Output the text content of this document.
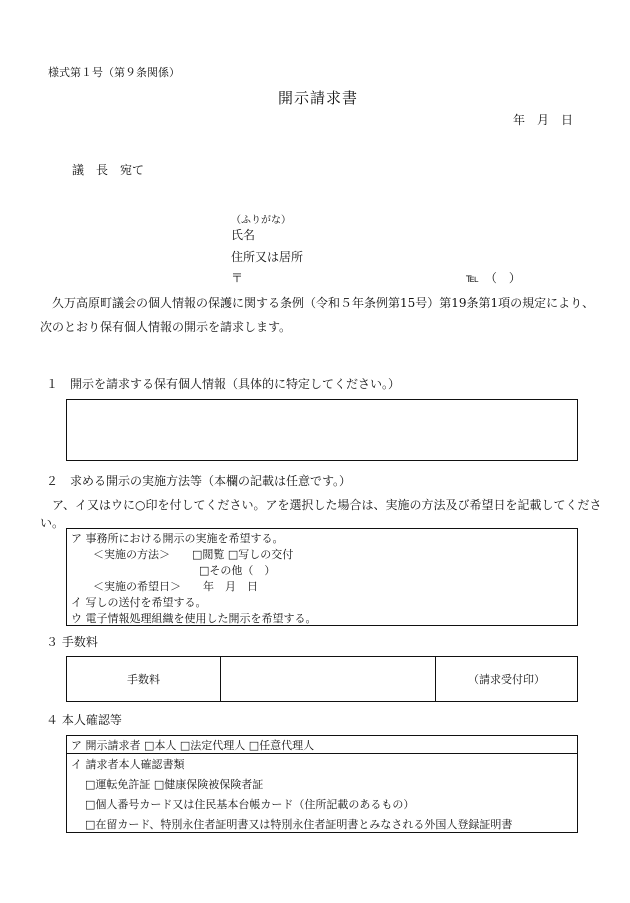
様式第１号（第９条関係）
開示請求書
年　月　日
議　長　宛て
（ふりがな）
氏名
住所又は居所
〒	℡　（　）
　久万高原町議会の個人情報の保護に関する条例（令和５年条例第15号）第19条第1項の規定により、
次のとおり保有個人情報の開示を請求します。
１　開示を請求する保有個人情報（具体的に特定してください。）
２　求める開示の実施方法等（本欄の記載は任意です。）
　ア、イ又はウに○印を付してください。アを選択した場合は、実施の方法及び希望日を記載してくださ
い。
ア 事務所における開示の実施を希望する。
＜実施の方法＞　　□閲覧 □写しの交付
□その他（　）
＜実施の希望日＞　　年　月　日
イ 写しの送付を希望する。
ウ 電子情報処理組織を使用した開示を希望する。
３ 手数料
手数料	（請求受付印）
４ 本人確認等
ア 開示請求者 □本人 □法定代理人 □任意代理人
イ 請求者本人確認書類
□運転免許証 □健康保険被保険者証
□個人番号カード又は住民基本台帳カード（住所記載のあるもの）
□在留カード、特別永住者証明書又は特別永住者証明書とみなされる外国人登録証明書
